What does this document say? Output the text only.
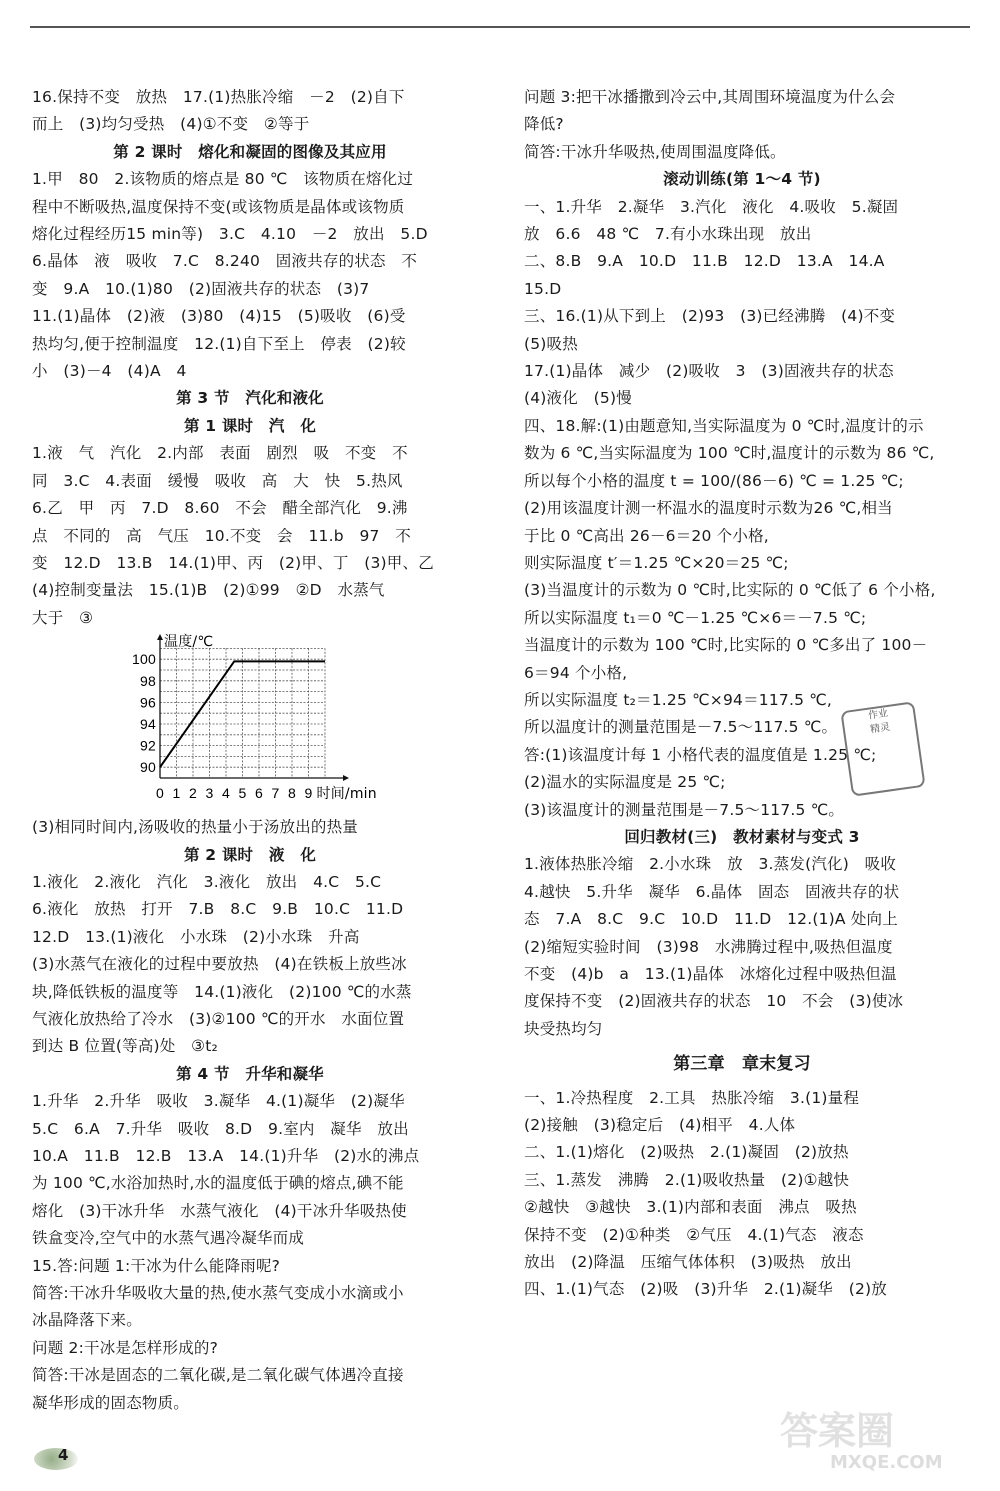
16.保持不变　放热　17.(1)热胀冷缩　－2　(2)自下
而上　(3)均匀受热　(4)①不变　②等于
第 2 课时　熔化和凝固的图像及其应用
1.甲　80　2.该物质的熔点是 80 ℃　该物质在熔化过
程中不断吸热,温度保持不变(或该物质是晶体或该物质
熔化过程经历15 min等)　3.C　4.10　－2　放出　5.D
6.晶体　液　吸收　7.C　8.240　固液共存的状态　不
变　9.A　10.(1)80　(2)固液共存的状态　(3)7
11.(1)晶体　(2)液　(3)80　(4)15　(5)吸收　(6)受
热均匀,便于控制温度　12.(1)自下至上　停表　(2)较
小　(3)－4　(4)A　4
第 3 节　汽化和液化
第 1 课时　汽　化
1.液　气　汽化　2.内部　表面　剧烈　吸　不变　不
同　3.C　4.表面　缓慢　吸收　高　大　快　5.热风
6.乙　甲　丙　7.D　8.60　不会　醋全部汽化　9.沸
点　不同的　高　气压　10.不变　会　11.b　97　不
变　12.D　13.B　14.(1)甲、丙　(2)甲、丁　(3)甲、乙
(4)控制变量法　15.(1)B　(2)①99　②D　水蒸气
大于　③
90
92
94
96
98
100
0 1 2 3 4 5 6 7 8 9
温度/℃
时间/min
(3)相同时间内,汤吸收的热量小于汤放出的热量
第 2 课时　液　化
1.液化　2.液化　汽化　3.液化　放出　4.C　5.C
6.液化　放热　打开　7.B　8.C　9.B　10.C　11.D
12.D　13.(1)液化　小水珠　(2)小水珠　升高
(3)水蒸气在液化的过程中要放热　(4)在铁板上放些冰
块,降低铁板的温度等　14.(1)液化　(2)100 ℃的水蒸
气液化放热给了冷水　(3)②100 ℃的开水　水面位置
到达 B 位置(等高)处　③t₂
第 4 节　升华和凝华
1.升华　2.升华　吸收　3.凝华　4.(1)凝华　(2)凝华
5.C　6.A　7.升华　吸收　8.D　9.室内　凝华　放出
10.A　11.B　12.B　13.A　14.(1)升华　(2)水的沸点
为 100 ℃,水浴加热时,水的温度低于碘的熔点,碘不能
熔化　(3)干冰升华　水蒸气液化　(4)干冰升华吸热使
铁盒变冷,空气中的水蒸气遇冷凝华而成
15.答:问题 1:干冰为什么能降雨呢?
简答:干冰升华吸收大量的热,使水蒸气变成小水滴或小
冰晶降落下来。
问题 2:干冰是怎样形成的?
简答:干冰是固态的二氧化碳,是二氧化碳气体遇冷直接
凝华形成的固态物质。
问题 3:把干冰播撒到冷云中,其周围环境温度为什么会
降低?
简答:干冰升华吸热,使周围温度降低。
滚动训练(第 1～4 节)
一、1.升华　2.凝华　3.汽化　液化　4.吸收　5.凝固
放　6.6　48 ℃　7.有小水珠出现　放出
二、8.B　9.A　10.D　11.B　12.D　13.A　14.A
15.D
三、16.(1)从下到上　(2)93　(3)已经沸腾　(4)不变
(5)吸热
17.(1)晶体　减少　(2)吸收　3　(3)固液共存的状态
(4)液化　(5)慢
四、18.解:(1)由题意知,当实际温度为 0 ℃时,温度计的示
数为 6 ℃,当实际温度为 100 ℃时,温度计的示数为 86 ℃,
所以每个小格的温度 t = 100/(86－6) ℃ = 1.25 ℃;
(2)用该温度计测一杯温水的温度时示数为26 ℃,相当
于比 0 ℃高出 26－6＝20 个小格,
则实际温度 t′＝1.25 ℃×20＝25 ℃;
(3)当温度计的示数为 0 ℃时,比实际的 0 ℃低了 6 个小格,
所以实际温度 t₁＝0 ℃－1.25 ℃×6＝－7.5 ℃;
当温度计的示数为 100 ℃时,比实际的 0 ℃多出了 100－
6＝94 个小格,
所以实际温度 t₂＝1.25 ℃×94＝117.5 ℃,
所以温度计的测量范围是－7.5～117.5 ℃。
答:(1)该温度计每 1 小格代表的温度值是 1.25 ℃;
(2)温水的实际温度是 25 ℃;
(3)该温度计的测量范围是－7.5～117.5 ℃。
回归教材(三)　教材素材与变式 3
1.液体热胀冷缩　2.小水珠　放　3.蒸发(汽化)　吸收
4.越快　5.升华　凝华　6.晶体　固态　固液共存的状
态　7.A　8.C　9.C　10.D　11.D　12.(1)A 处向上
(2)缩短实验时间　(3)98　水沸腾过程中,吸热但温度
不变　(4)b　a　13.(1)晶体　冰熔化过程中吸热但温
度保持不变　(2)固液共存的状态　10　不会　(3)使冰
块受热均匀
第三章　章末复习
一、1.冷热程度　2.工具　热胀冷缩　3.(1)量程
(2)接触　(3)稳定后　(4)相平　4.人体
二、1.(1)熔化　(2)吸热　2.(1)凝固　(2)放热
三、1.蒸发　沸腾　2.(1)吸收热量　(2)①越快
②越快　③越快　3.(1)内部和表面　沸点　吸热
保持不变　(2)①种类　②气压　4.(1)气态　液态
放出　(2)降温　压缩气体体积　(3)吸热　放出
四、1.(1)气态　(2)吸　(3)升华　2.(1)凝华　(2)放
作业
精灵
4
答案圈
MXQE.COM
